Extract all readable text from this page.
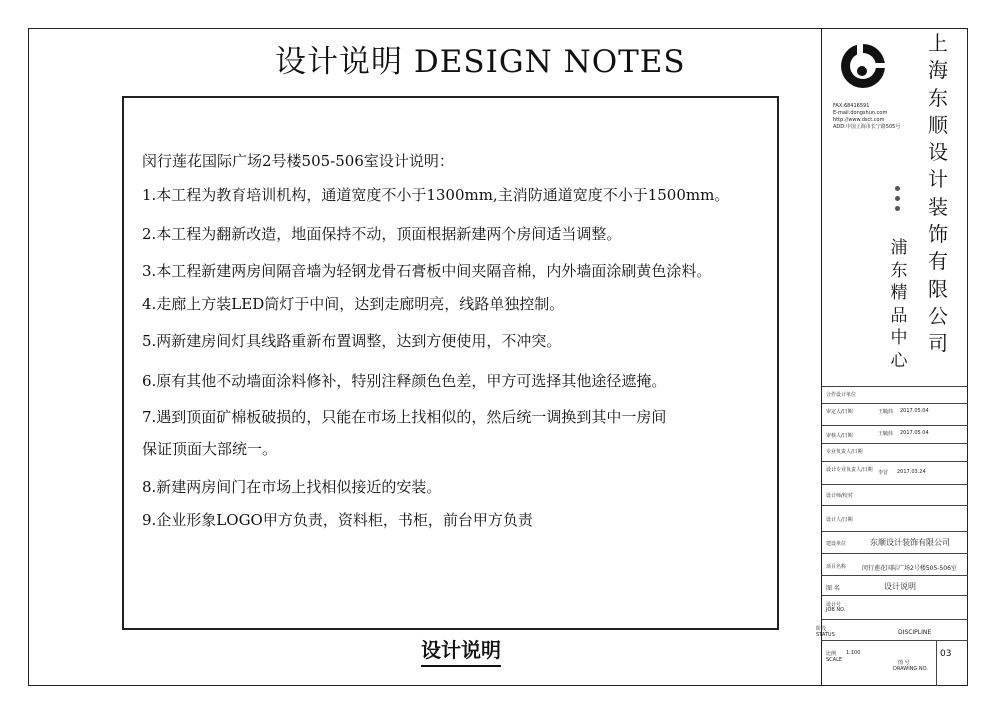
设计说明 DESIGN NOTES
闵行莲花国际广场2号楼505-506室设计说明：
1.本工程为教育培训机构，通道宽度不小于1300mm,主消防通道宽度不小于1500mm。
2.本工程为翻新改造，地面保持不动，顶面根据新建两个房间适当调整。
3.本工程新建两房间隔音墙为轻钢龙骨石膏板中间夹隔音棉，内外墙面涂刷黄色涂料。
4.走廊上方装LED筒灯于中间，达到走廊明亮，线路单独控制。
5.两新建房间灯具线路重新布置调整，达到方便使用，不冲突。
6.原有其他不动墙面涂料修补，特别注释颜色色差，甲方可选择其他途径遮掩。
7.遇到顶面矿棉板破损的，只能在市场上找相似的，然后统一调换到其中一房间
保证顶面大部统一。
8.新建两房间门在市场上找相似接近的安装。
9.企业形象LOGO甲方负责，资料柜，书柜，前台甲方负责
设计说明
FAX:68416591
E-mail:dongshun.com
http://www.dsct.com
ADD:中国上海市长宁路505号
上
海
东
顺
设
计
装
饰
有
限
公
司
浦
东
精
品
中
心
合作设计单位
审定人/日期	王毓炜 2017.05.04
审核人/日期	王毓炜 2017.05.04
专业负责人/日期
设计专业负责人/日期 李冒 2017.03.24
设计师/校对
设计人/日期
建设单位	东顺设计装饰有限公司
项目名称	闵行莲花国际广场2号楼505-506室
图 名	设计说明
设计号
JOB NO.
阶段
STATUS	DISCIPLINE
比例 1:100
SCALE	图 号
DRAWING NO.
03
